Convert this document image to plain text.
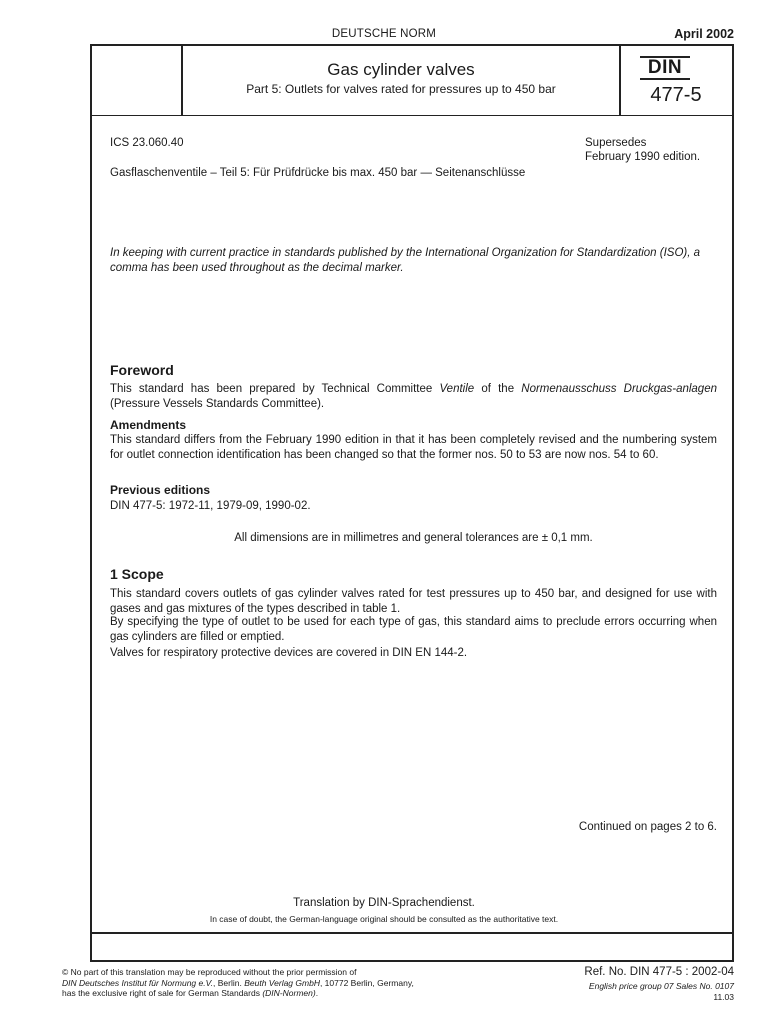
DEUTSCHE NORM	April 2002
Gas cylinder valves
Part 5: Outlets for valves rated for pressures up to 450 bar
DIN
477-5
ICS 23.060.40	Supersedes
February 1990 edition.
Gasflaschenventile – Teil 5: Für Prüfdrücke bis max. 450 bar — Seitenanschlüsse
In keeping with current practice in standards published by the International Organization for Standardization (ISO), a comma has been used throughout as the decimal marker.
Foreword
This standard has been prepared by Technical Committee Ventile of the Normenausschuss Druckgas-anlagen (Pressure Vessels Standards Committee).
Amendments
This standard differs from the February 1990 edition in that it has been completely revised and the numbering system for outlet connection identification has been changed so that the former nos. 50 to 53 are now nos. 54 to 60.
Previous editions
DIN 477-5: 1972-11, 1979-09, 1990-02.
All dimensions are in millimetres and general tolerances are ± 0,1 mm.
1 Scope
This standard covers outlets of gas cylinder valves rated for test pressures up to 450 bar, and designed for use with gases and gas mixtures of the types described in table 1.
By specifying the type of outlet to be used for each type of gas, this standard aims to preclude errors occurring when gas cylinders are filled or emptied.
Valves for respiratory protective devices are covered in DIN EN 144-2.
Continued on pages 2 to 6.
Translation by DIN-Sprachendienst.
In case of doubt, the German-language original should be consulted as the authoritative text.
© No part of this translation may be reproduced without the prior permission of
DIN Deutsches Institut für Normung e.V., Berlin. Beuth Verlag GmbH, 10772 Berlin, Germany,
has the exclusive right of sale for German Standards (DIN-Normen).
Ref. No. DIN 477-5 : 2002-04
English price group 07 Sales No. 0107
11.03
